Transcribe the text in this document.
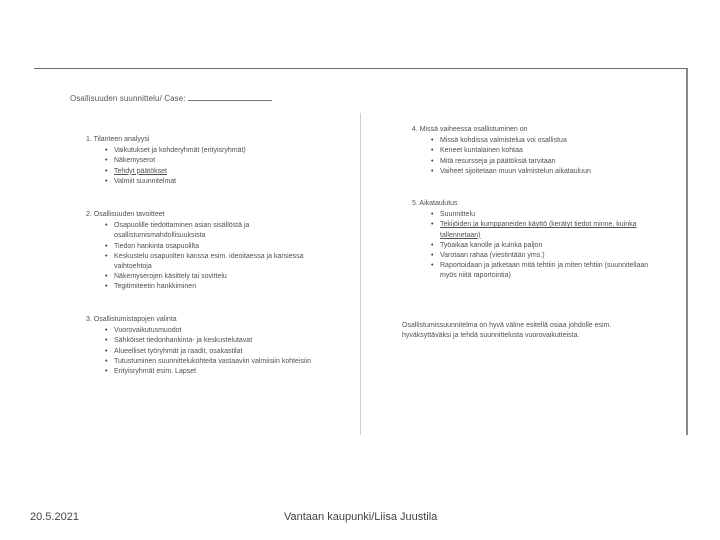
Osallisuuden suunnittelu/ Case:
1. Tilanteen analyysi
• Vaikutukset ja kohderyhmät (erityisryhmät)
• Näkemyserot
• Tehdyt päätökset
• Valmiit suunnitelmat
2. Osallisuuden tavoitteet
• Osapuolille tiedottaminen asian sisällöstä ja osallistumismahdollisuuksista
• Tiedon hankinta osapuolilta
• Keskustelu osapuolten kanssa esim. ideoitaessa ja karsiessa vaihtoehtoja
• Näkemyserojen käsittely tai sovittelu
• Tegitimiteetin hankkiminen
3. Osallistumistapojen valinta
• Vuorovaikutusmuodot
• Sähköiset tiedonhankinta- ja keskustelutavat
• Alueelliset työryhmät ja raadit, osakastilat
• Tutustuminen suunnittelukohteita vastaaviin valmiisiin kohteisiin
• Erityisryhmät esim. Lapset
4. Missä vaiheessa osallistuminen on
• Missä kohdissa valmistelua voi osallistua
• Keneet kuntalainen kohtaa
• Mitä resursseja ja päätöksiä tarvitaan
• Vaiheet sijoitetaan muun valmistelun aikatauluun
5. Aikataulutus
• Suunnittelu
• Tekijöiden ja kumppaneiden käyttö (kerätyt tiedot minne, kuinka tallennetaan)
• Työaikaa kanolle ja kuinka paljon
• Varotaan rahaa (viestintään yms.)
• Raportoidaan ja jatketaan mitä tehtiin ja miten tehtiin (suunnitellaan myös niitä raportointia)
Osallistumissuunnitelma on hyvä väline esitellä osiaa johdolle esim. hyväksyttäväksi ja tehdä suunnittelusta vuorovaikutteista.
20.5.2021	Vantaan kaupunki/Liisa Juustila
